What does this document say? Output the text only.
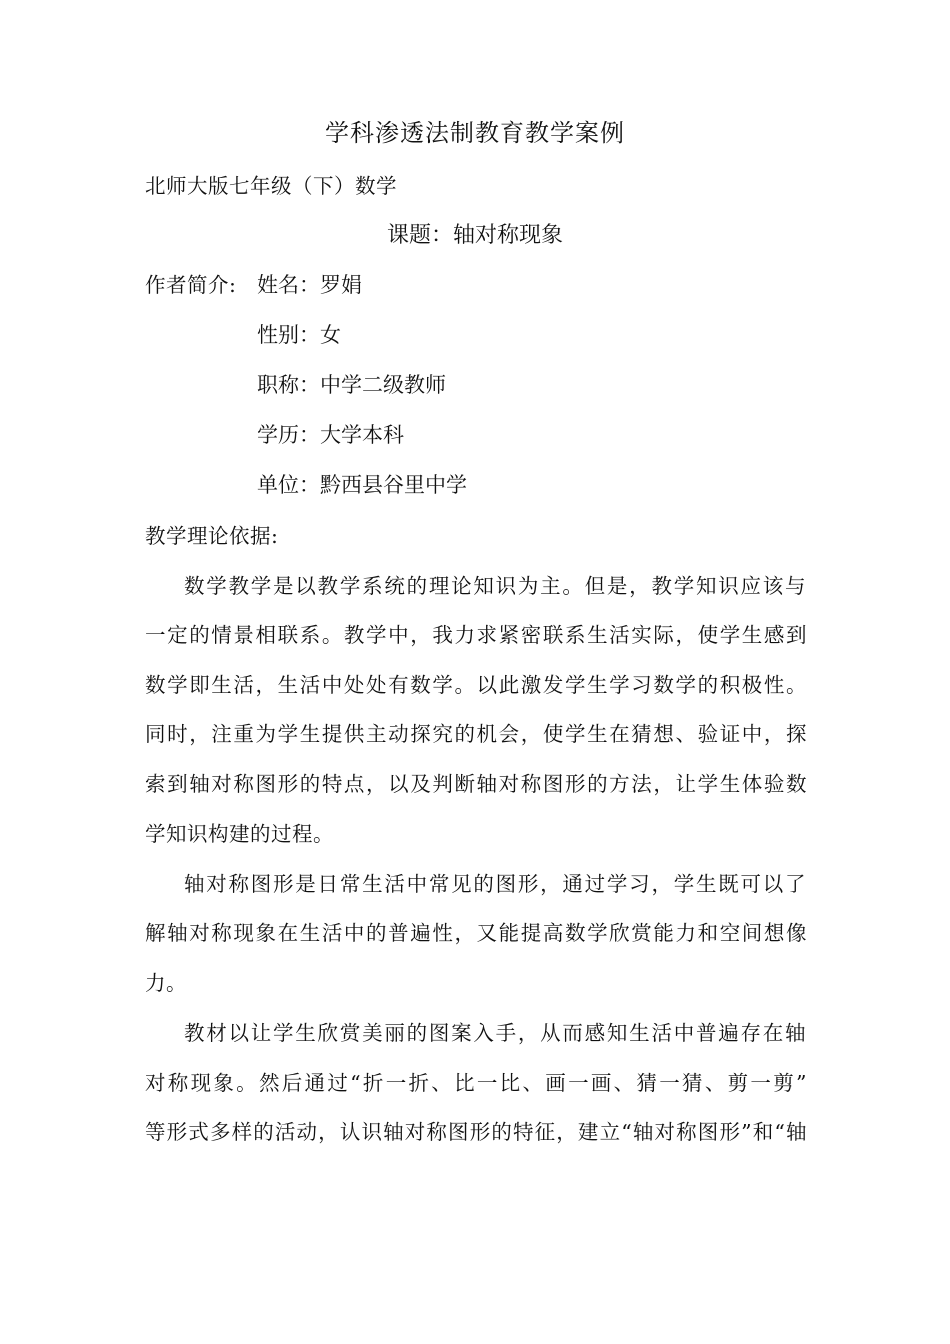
学科渗透法制教育教学案例
北师大版七年级（下）数学
课题：轴对称现象
作者简介: 姓名：罗娟
性别：女
职称：中学二级教师
学历：大学本科
单位：黔西县谷里中学
教学理论依据:
数学教学是以教学系统的理论知识为主。但是，教学知识应该与
一定的情景相联系。教学中，我力求紧密联系生活实际，使学生感到
数学即生活，生活中处处有数学。以此激发学生学习数学的积极性。
同时，注重为学生提供主动探究的机会，使学生在猜想、验证中，探
索到轴对称图形的特点，以及判断轴对称图形的方法，让学生体验数
学知识构建的过程。
轴对称图形是日常生活中常见的图形，通过学习，学生既可以了
解轴对称现象在生活中的普遍性，又能提高数学欣赏能力和空间想像
力。
教材以让学生欣赏美丽的图案入手，从而感知生活中普遍存在轴
对称现象。然后通过“折一折、比一比、画一画、猜一猜、剪一剪”
等形式多样的活动，认识轴对称图形的特征，建立“轴对称图形”和“轴
